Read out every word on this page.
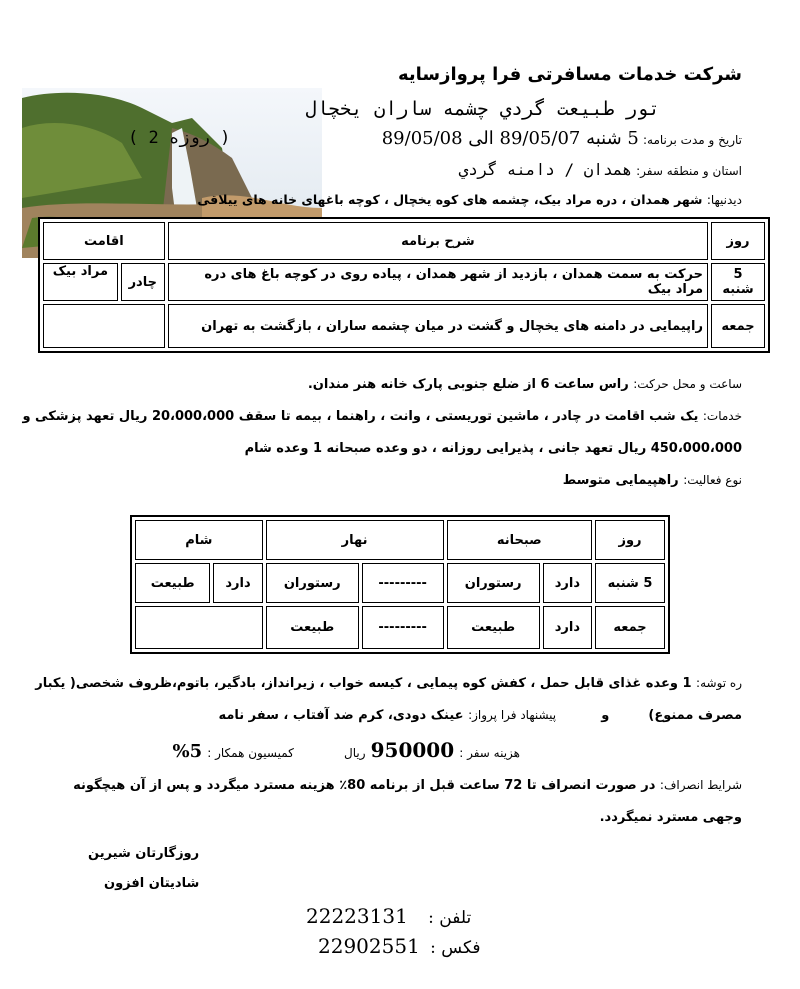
شرکت خدمات مسافرتی فرا پروازسایه
تور طبیعت گردي چشمه ساران يخچال
تاریخ و مدت برنامه: 5 شنبه 89/05/07 الی 89/05/08
( 2 روزه )
استان و منطقه سفر: همدان / دامنه گردي
دیدنیها: شهر همدان ، دره مراد بیک، چشمه های کوه یخچال ، کوچه باغهای خانه های ییلاقی
روز	شرح برنامه	اقامت	
5 شنبه	حرکت به سمت همدان ، بازدید از شهر همدان ، پیاده روی در کوچه باغ های دره مراد بیک	چادر	مراد بیک
جمعه	راپیمایی در دامنه های یخچال و گشت در میان چشمه ساران ، بازگشت به تهران		
ساعت و محل حرکت: راس ساعت 6 از ضلع جنوبی پارک خانه هنر مندان.
خدمات: یک شب اقامت در چادر ، ماشین توریستی ، وانت ، راهنما ، بیمه تا سقف 20،000،000 ریال تعهد پزشکی و
450،000،000 ریال تعهد جانی ، پذیرایی روزانه ، دو وعده صبحانه 1 وعده شام
نوع فعالیت: راهپیمایی متوسط
روز	صبحانه		نهار		شام	
5 شنبه	دارد	رستوران	---------	رستوران	دارد	طبیعت
جمعه	دارد	طبیعت	---------	طبیعت		
ره توشه: 1 وعده غذای قابل حمل ، کفش کوه پیمایی ، کیسه خواب ، زیرانداز، بادگیر، باتوم،ظروف شخصی( یکبار
مصرف ممنوع)  و  پیشنهاد فرا پرواز: عینک دودی، کرم ضد آفتاب ، سفر نامه
هزینه سفر : 950000 ریال  کمیسیون همکار : 5%
شرایط انصراف: در صورت انصراف تا 72 ساعت قبل از برنامه 80٪ هزینه مسترد میگردد و پس از آن هیچگونه
وجهی مسترد نمیگردد.
روزگارتان شیرین
شادیتان افزون
22223131 تلفن :
22902551 فکس :
